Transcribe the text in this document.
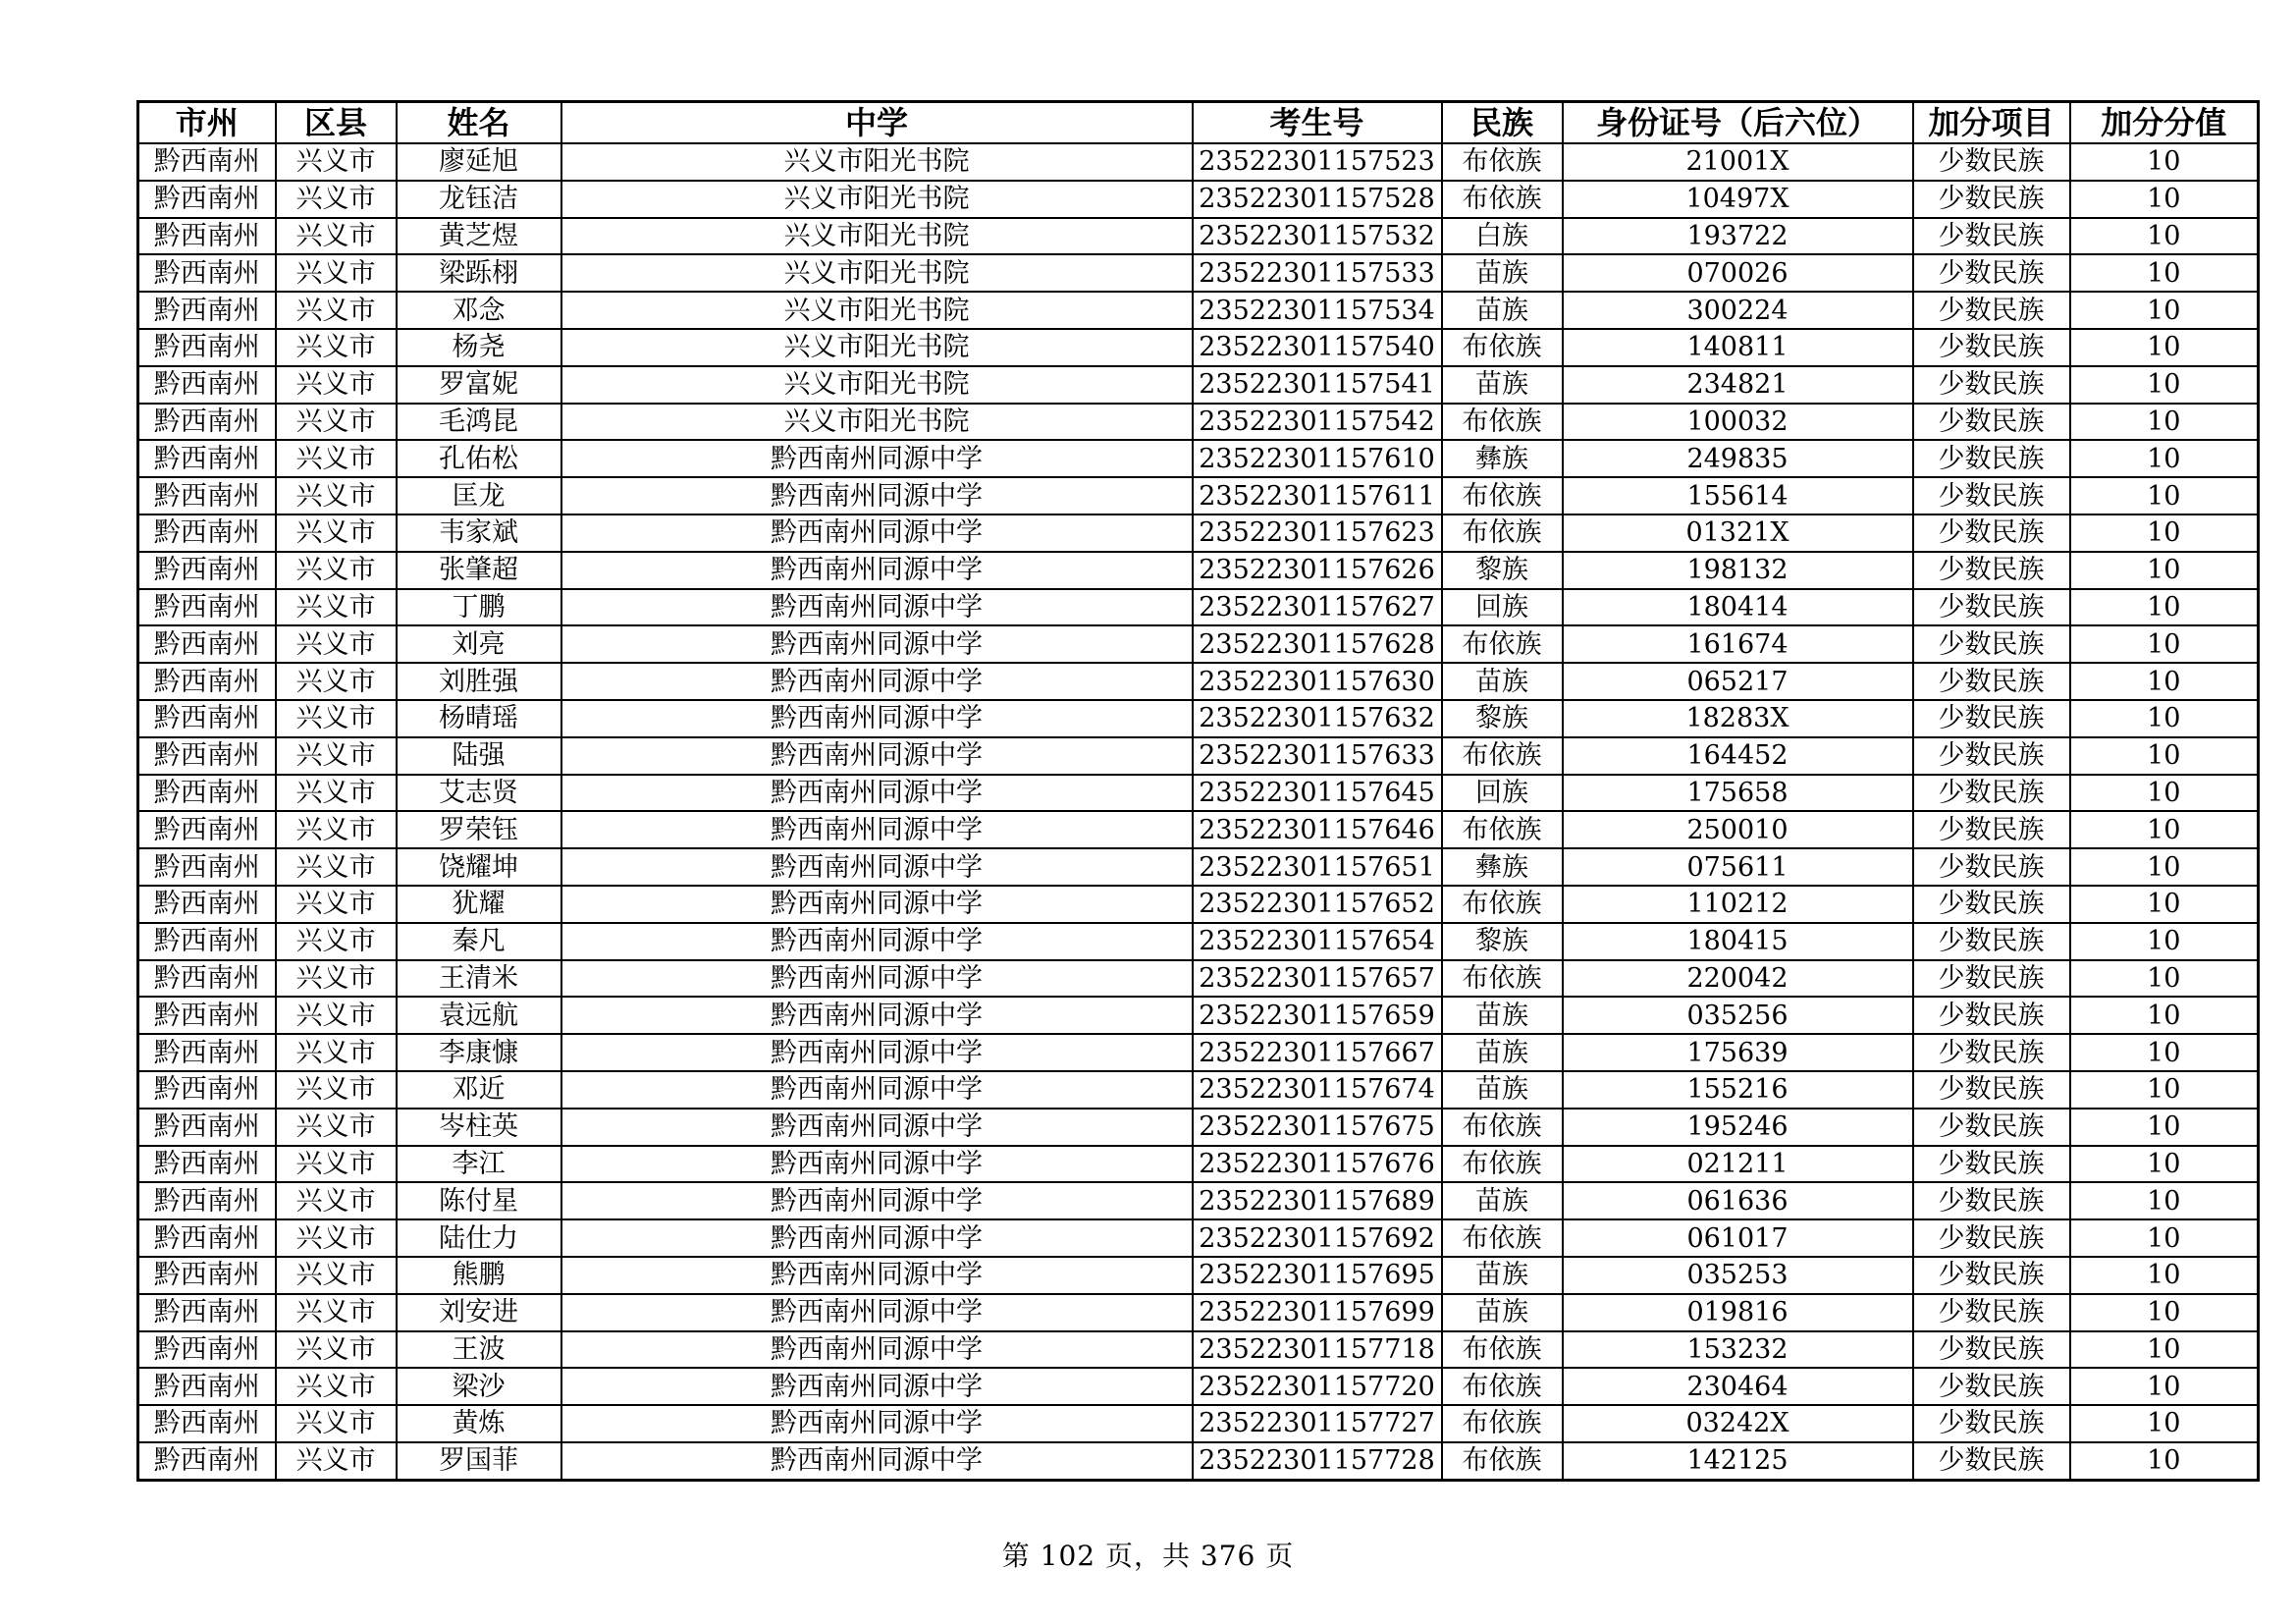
市州	区县	姓名	中学	考生号	民族	身份证号（后六位）	加分项目	加分分值
黔西南州	兴义市	廖延旭	兴义市阳光书院	23522301157523	布依族	21001X	少数民族	10
黔西南州	兴义市	龙钰洁	兴义市阳光书院	23522301157528	布依族	10497X	少数民族	10
黔西南州	兴义市	黄芝煜	兴义市阳光书院	23522301157532	白族	193722	少数民族	10
黔西南州	兴义市	梁跞栩	兴义市阳光书院	23522301157533	苗族	070026	少数民族	10
黔西南州	兴义市	邓念	兴义市阳光书院	23522301157534	苗族	300224	少数民族	10
黔西南州	兴义市	杨尧	兴义市阳光书院	23522301157540	布依族	140811	少数民族	10
黔西南州	兴义市	罗富妮	兴义市阳光书院	23522301157541	苗族	234821	少数民族	10
黔西南州	兴义市	毛鸿昆	兴义市阳光书院	23522301157542	布依族	100032	少数民族	10
黔西南州	兴义市	孔佑松	黔西南州同源中学	23522301157610	彝族	249835	少数民族	10
黔西南州	兴义市	匡龙	黔西南州同源中学	23522301157611	布依族	155614	少数民族	10
黔西南州	兴义市	韦家斌	黔西南州同源中学	23522301157623	布依族	01321X	少数民族	10
黔西南州	兴义市	张肇超	黔西南州同源中学	23522301157626	黎族	198132	少数民族	10
黔西南州	兴义市	丁鹏	黔西南州同源中学	23522301157627	回族	180414	少数民族	10
黔西南州	兴义市	刘亮	黔西南州同源中学	23522301157628	布依族	161674	少数民族	10
黔西南州	兴义市	刘胜强	黔西南州同源中学	23522301157630	苗族	065217	少数民族	10
黔西南州	兴义市	杨晴瑶	黔西南州同源中学	23522301157632	黎族	18283X	少数民族	10
黔西南州	兴义市	陆强	黔西南州同源中学	23522301157633	布依族	164452	少数民族	10
黔西南州	兴义市	艾志贤	黔西南州同源中学	23522301157645	回族	175658	少数民族	10
黔西南州	兴义市	罗荣钰	黔西南州同源中学	23522301157646	布依族	250010	少数民族	10
黔西南州	兴义市	饶耀坤	黔西南州同源中学	23522301157651	彝族	075611	少数民族	10
黔西南州	兴义市	犹耀	黔西南州同源中学	23522301157652	布依族	110212	少数民族	10
黔西南州	兴义市	秦凡	黔西南州同源中学	23522301157654	黎族	180415	少数民族	10
黔西南州	兴义市	王清米	黔西南州同源中学	23522301157657	布依族	220042	少数民族	10
黔西南州	兴义市	袁远航	黔西南州同源中学	23522301157659	苗族	035256	少数民族	10
黔西南州	兴义市	李康慷	黔西南州同源中学	23522301157667	苗族	175639	少数民族	10
黔西南州	兴义市	邓近	黔西南州同源中学	23522301157674	苗族	155216	少数民族	10
黔西南州	兴义市	岑柱英	黔西南州同源中学	23522301157675	布依族	195246	少数民族	10
黔西南州	兴义市	李江	黔西南州同源中学	23522301157676	布依族	021211	少数民族	10
黔西南州	兴义市	陈付星	黔西南州同源中学	23522301157689	苗族	061636	少数民族	10
黔西南州	兴义市	陆仕力	黔西南州同源中学	23522301157692	布依族	061017	少数民族	10
黔西南州	兴义市	熊鹏	黔西南州同源中学	23522301157695	苗族	035253	少数民族	10
黔西南州	兴义市	刘安进	黔西南州同源中学	23522301157699	苗族	019816	少数民族	10
黔西南州	兴义市	王波	黔西南州同源中学	23522301157718	布依族	153232	少数民族	10
黔西南州	兴义市	梁沙	黔西南州同源中学	23522301157720	布依族	230464	少数民族	10
黔西南州	兴义市	黄炼	黔西南州同源中学	23522301157727	布依族	03242X	少数民族	10
黔西南州	兴义市	罗国菲	黔西南州同源中学	23522301157728	布依族	142125	少数民族	10
第 102 页，共 376 页
